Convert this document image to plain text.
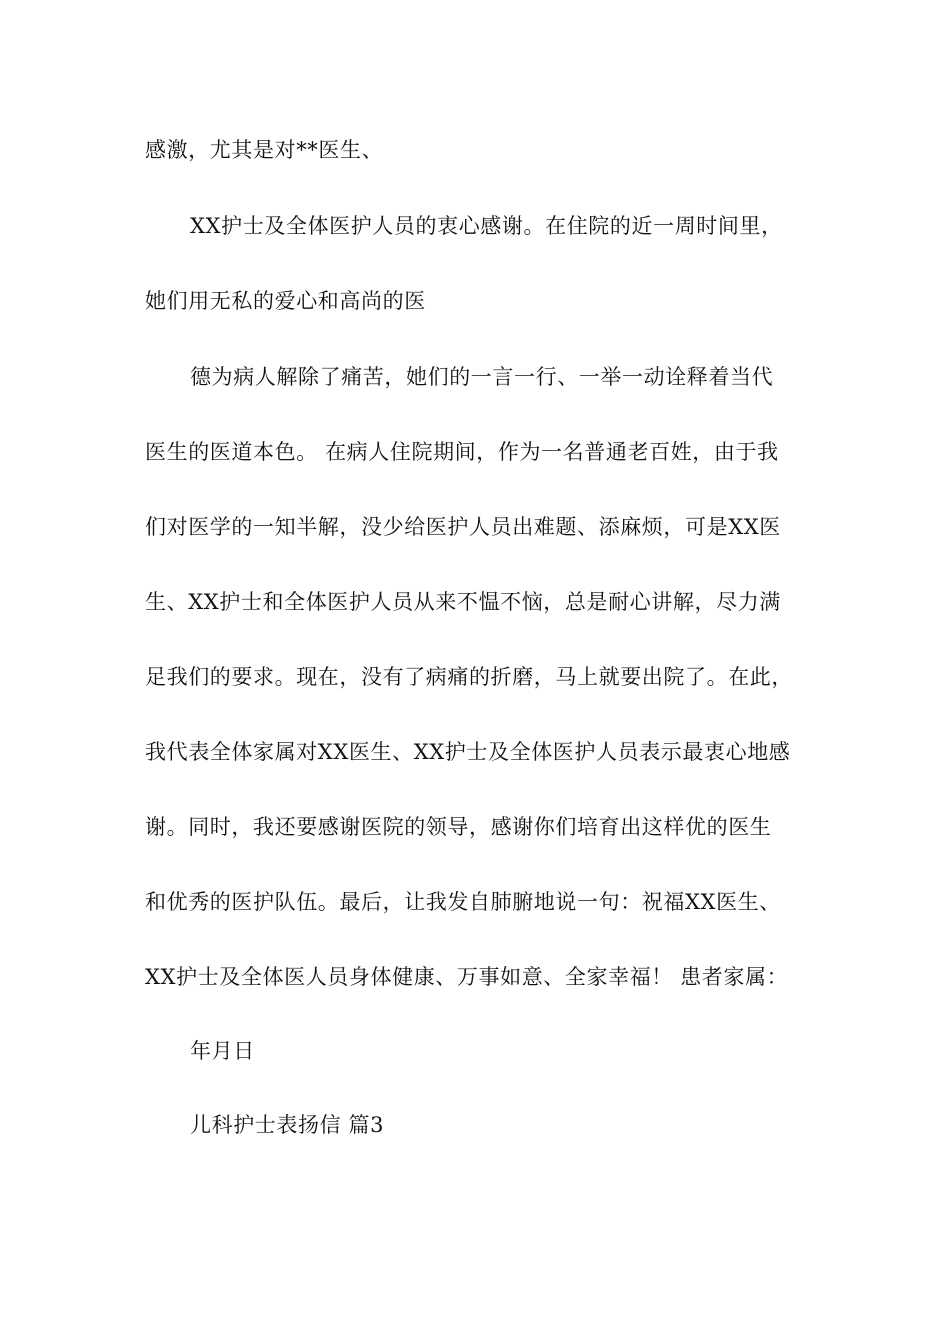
感激，尤其是对**医生、
XX护士及全体医护人员的衷心感谢。在住院的近一周时间里，
她们用无私的爱心和高尚的医
德为病人解除了痛苦，她们的一言一行、一举一动诠释着当代
医生的医道本色。 在病人住院期间，作为一名普通老百姓，由于我
们对医学的一知半解，没少给医护人员出难题、添麻烦，可是XX医
生、XX护士和全体医护人员从来不愠不恼，总是耐心讲解，尽力满
足我们的要求。现在，没有了病痛的折磨，马上就要出院了。在此，
我代表全体家属对XX医生、XX护士及全体医护人员表示最衷心地感
谢。同时，我还要感谢医院的领导，感谢你们培育出这样优的医生
和优秀的医护队伍。最后，让我发自肺腑地说一句：祝福XX医生、
XX护士及全体医人员身体健康、万事如意、全家幸福！ 患者家属：
年月日
儿科护士表扬信 篇3
